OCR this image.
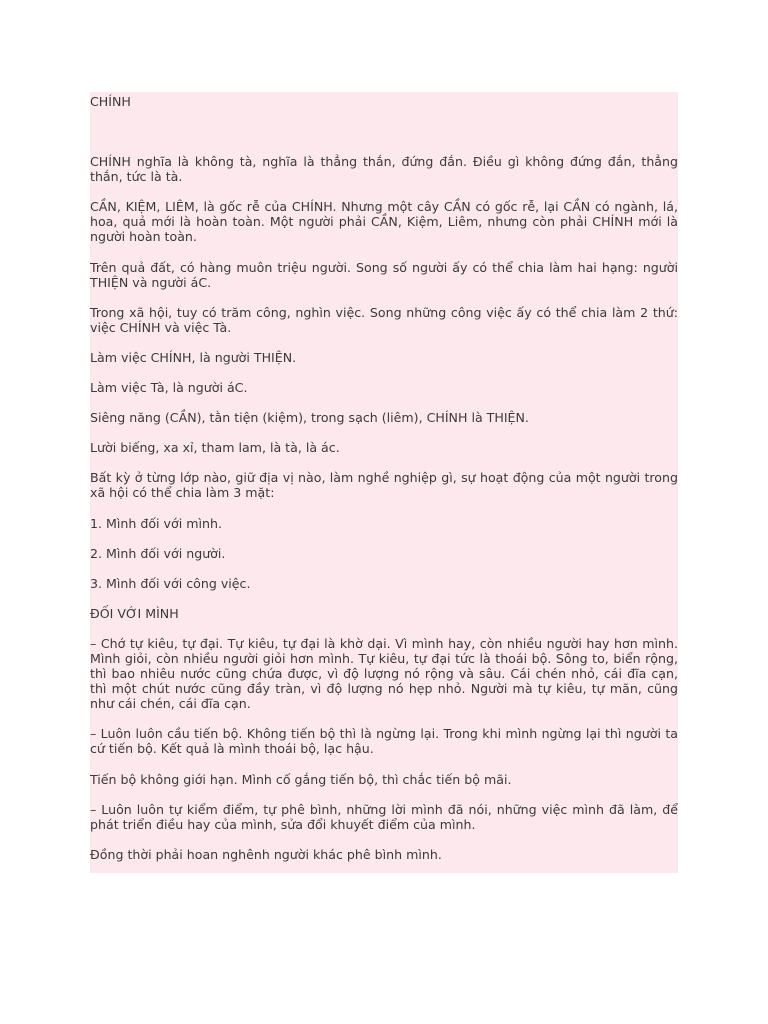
CHÍNH

CHÍNH nghĩa là không tà, nghĩa là thẳng thắn, đứng đắn. Điều gì không đứng đắn, thẳng thắn, tức là tà.

CẦN, KIỆM, LIÊM, là gốc rễ của CHÍNH. Nhưng một cây CẦN có gốc rễ, lại CẦN có ngành, lá, hoa, quả mới là hoàn toàn. Một người phải CẦN, Kiệm, Liêm, nhưng còn phải CHÍNH mới là người hoàn toàn.

Trên quả đất, có hàng muôn triệu người. Song số người ấy có thể chia làm hai hạng: người THIỆN và người áC.

Trong xã hội, tuy có trăm công, nghìn việc. Song những công việc ấy có thể chia làm 2 thứ: việc CHÍNH và việc Tà.

Làm việc CHÍNH, là người THIỆN.

Làm việc Tà, là người áC.

Siêng năng (CẦN), tằn tiện (kiệm), trong sạch (liêm), CHÍNH là THIỆN.

Lười biếng, xa xỉ, tham lam, là tà, là ác.

Bất kỳ ở từng lớp nào, giữ địa vị nào, làm nghề nghiệp gì, sự hoạt động của một người trong xã hội có thể chia làm 3 mặt:

1. Mình đối với mình.

2. Mình đối với người.

3. Mình đối với công việc.

ĐỐI VỚI MÌNH

– Chớ tự kiêu, tự đại. Tự kiêu, tự đại là khờ dại. Vì mình hay, còn nhiều người hay hơn mình. Mình giỏi, còn nhiều người giỏi hơn mình. Tự kiêu, tự đại tức là thoái bộ. Sông to, biển rộng, thì bao nhiêu nước cũng chứa được, vì độ lượng nó rộng và sâu. Cái chén nhỏ, cái đĩa cạn, thì một chút nước cũng đầy tràn, vì độ lượng nó hẹp nhỏ. Người mà tự kiêu, tự mãn, cũng như cái chén, cái đĩa cạn.

– Luôn luôn cầu tiến bộ. Không tiến bộ thì là ngừng lại. Trong khi mình ngừng lại thì người ta cứ tiến bộ. Kết quả là mình thoái bộ, lạc hậu.

Tiến bộ không giới hạn. Mình cố gắng tiến bộ, thì chắc tiến bộ mãi.

– Luôn luôn tự kiểm điểm, tự phê bình, những lời mình đã nói, những việc mình đã làm, để phát triển điều hay của mình, sửa đổi khuyết điểm của mình.

Đồng thời phải hoan nghênh người khác phê bình mình.
